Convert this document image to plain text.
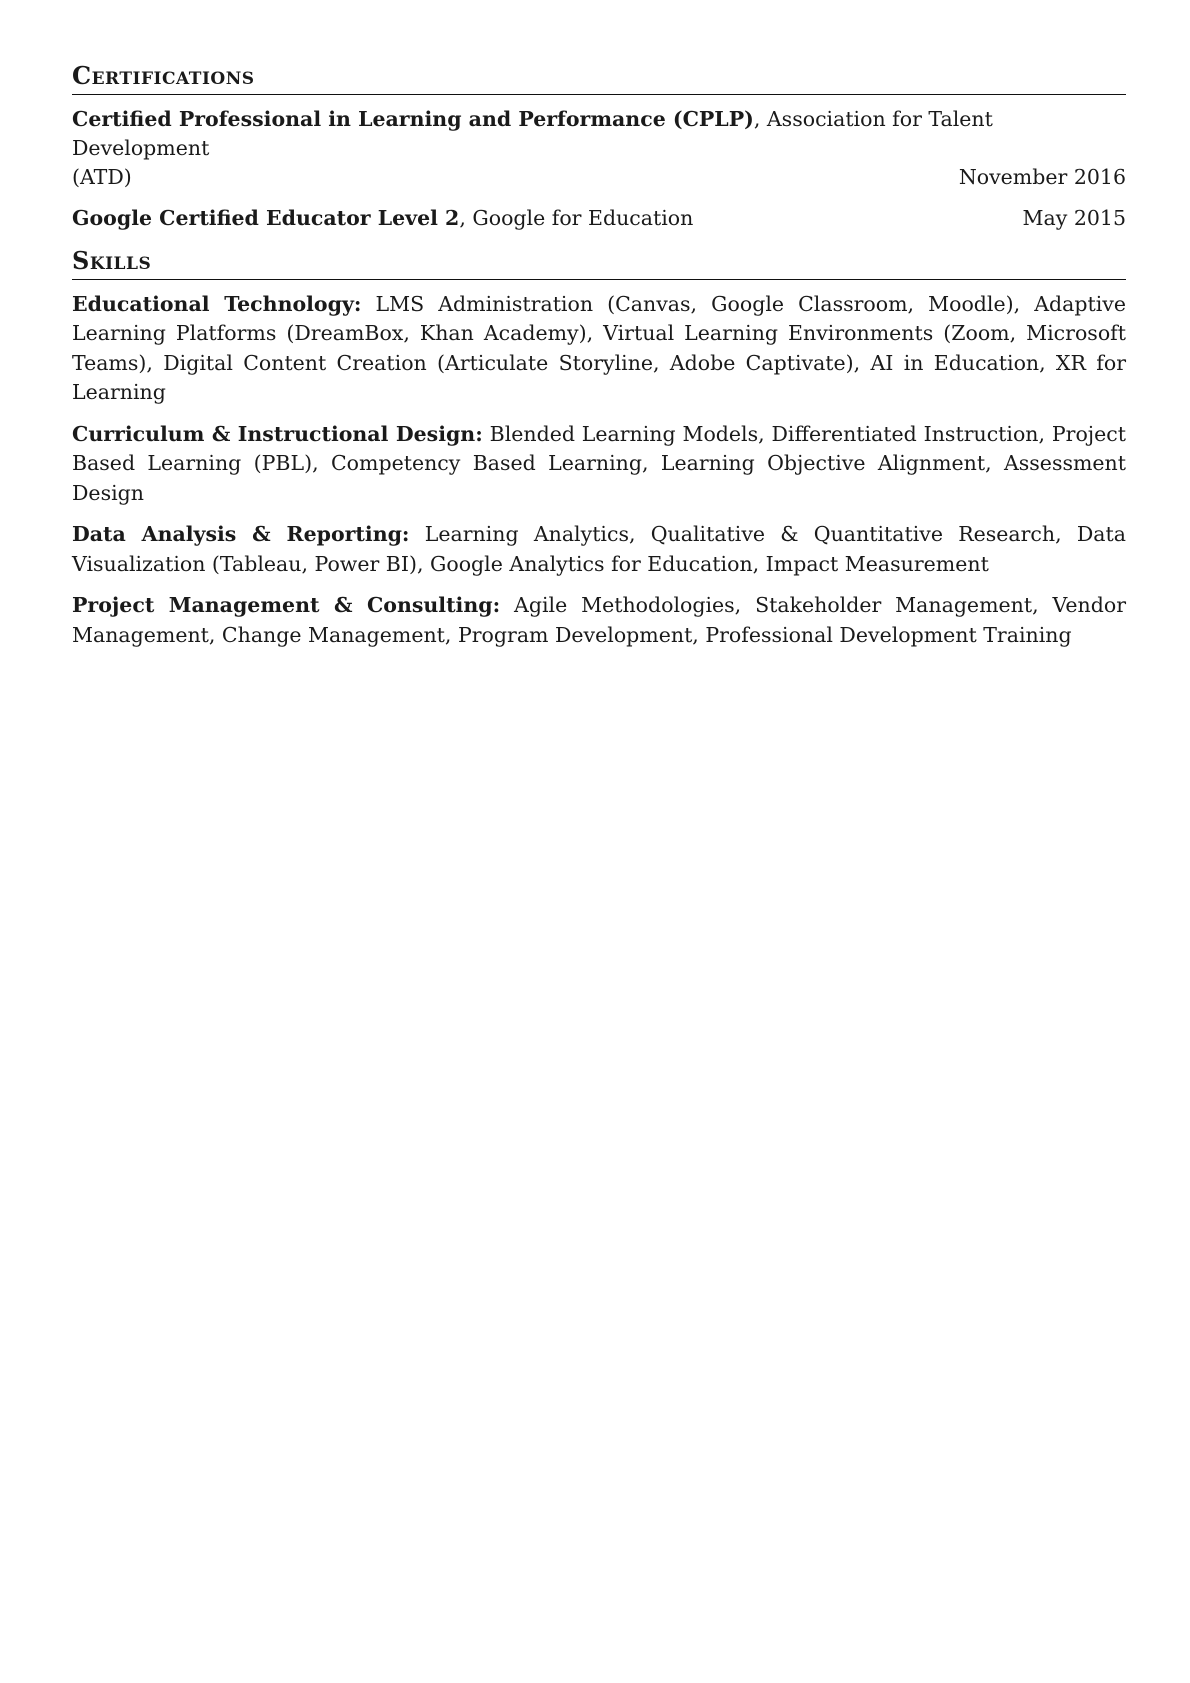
Certifications
Certified Professional in Learning and Performance (CPLP), Association for Talent Development
(ATD)	November 2016
May 2015
Google Certified Educator Level 2, Google for Education
Skills
Educational Technology: LMS Administration (Canvas, Google Classroom, Moodle), Adaptive Learning Platforms (DreamBox, Khan Academy), Virtual Learning Environments (Zoom, Microsoft Teams), Digital Content Creation (Articulate Storyline, Adobe Captivate), AI in Education, XR for Learning
Curriculum & Instructional Design: Blended Learning Models, Differentiated Instruction, Project Based Learning (PBL), Competency Based Learning, Learning Objective Alignment, Assessment Design
Data Analysis & Reporting: Learning Analytics, Qualitative & Quantitative Research, Data Visualization (Tableau, Power BI), Google Analytics for Education, Impact Measurement
Project Management & Consulting: Agile Methodologies, Stakeholder Management, Vendor Management, Change Management, Program Development, Professional Development Training
